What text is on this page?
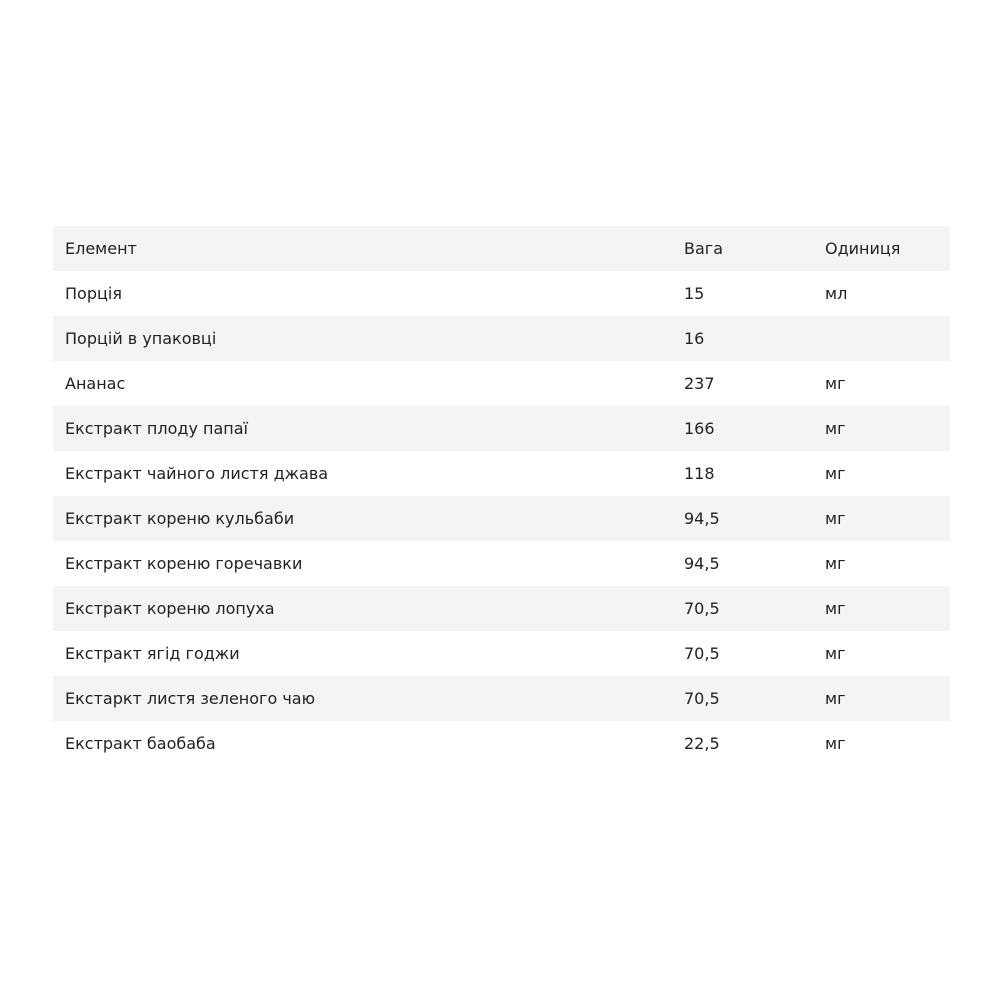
Елемент	Вага	Одиниця
Порція	15	мл
Порцій в упаковці	16
Ананас	237	мг
Екстракт плоду папаї	166	мг
Екстракт чайного листя джава	118	мг
Екстракт кореню кульбаби	94,5	мг
Екстракт кореню горечавки	94,5	мг
Екстракт кореню лопуха	70,5	мг
Екстракт ягід годжи	70,5	мг
Екстаркт листя зеленого чаю	70,5	мг
Екстракт баобаба	22,5	мг
